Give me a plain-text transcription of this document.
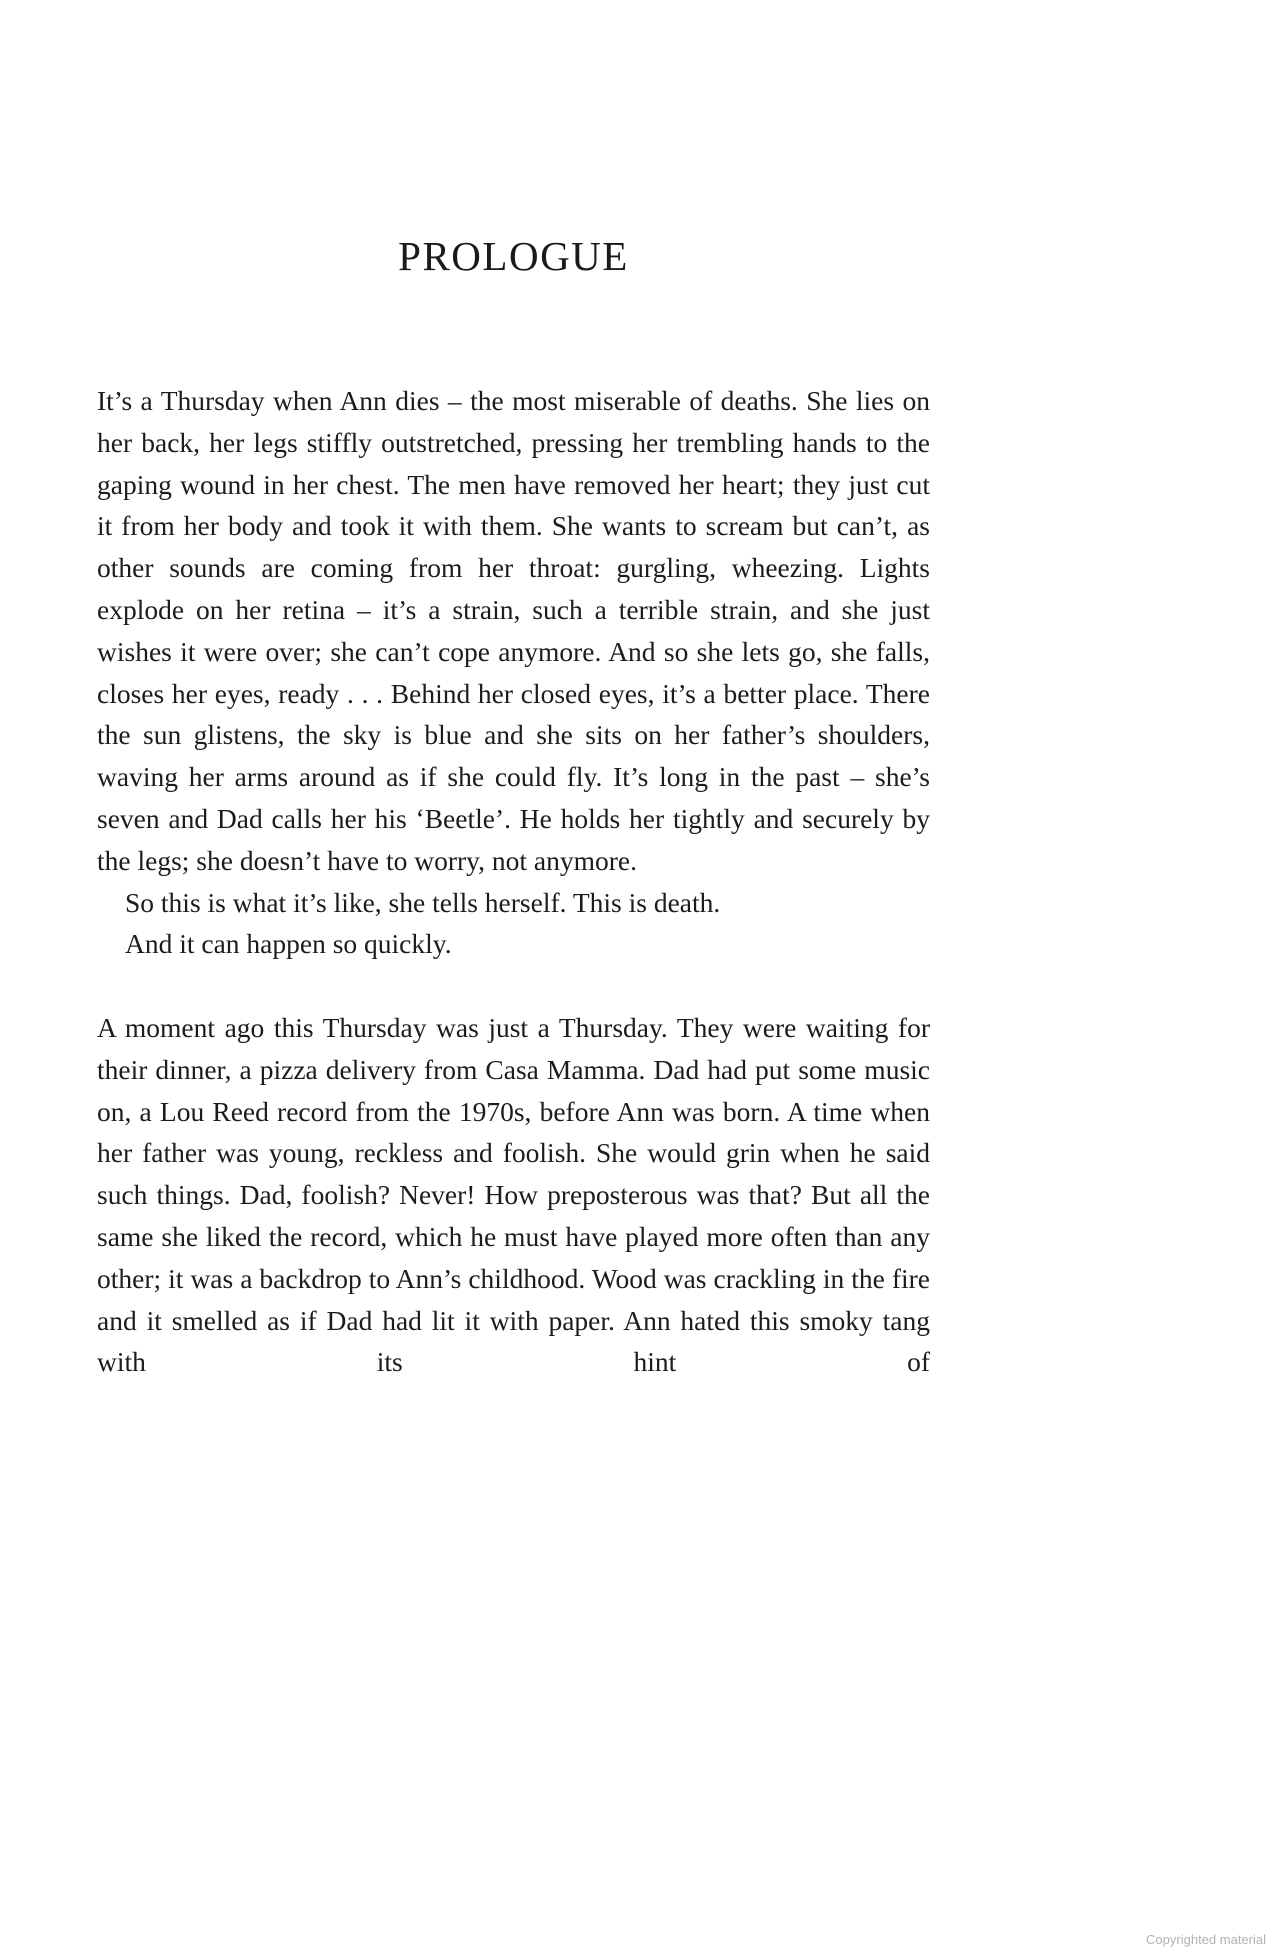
PROLOGUE

It’s a Thursday when Ann dies – the most miserable of deaths. She lies on her back, her legs stiffly outstretched, pressing her trembling hands to the gaping wound in her chest. The men have removed her heart; they just cut it from her body and took it with them. She wants to scream but can’t, as other sounds are coming from her throat: gurgling, wheezing. Lights explode on her retina – it’s a strain, such a terrible strain, and she just wishes it were over; she can’t cope anymore. And so she lets go, she falls, closes her eyes, ready . . . Behind her closed eyes, it’s a better place. There the sun glistens, the sky is blue and she sits on her father’s shoulders, waving her arms around as if she could fly. It’s long in the past – she’s seven and Dad calls her his ‘Beetle’. He holds her tightly and securely by the legs; she doesn’t have to worry, not anymore.

So this is what it’s like, she tells herself. This is death.

And it can happen so quickly.

A moment ago this Thursday was just a Thursday. They were waiting for their dinner, a pizza delivery from Casa Mamma. Dad had put some music on, a Lou Reed record from the 1970s, before Ann was born. A time when her father was young, reckless and foolish. She would grin when he said such things. Dad, foolish? Never! How preposterous was that? But all the same she liked the record, which he must have played more often than any other; it was a backdrop to Ann’s childhood. Wood was crackling in the fire and it smelled as if Dad had lit it with paper. Ann hated this smoky tang with its hint of

Copyrighted material
